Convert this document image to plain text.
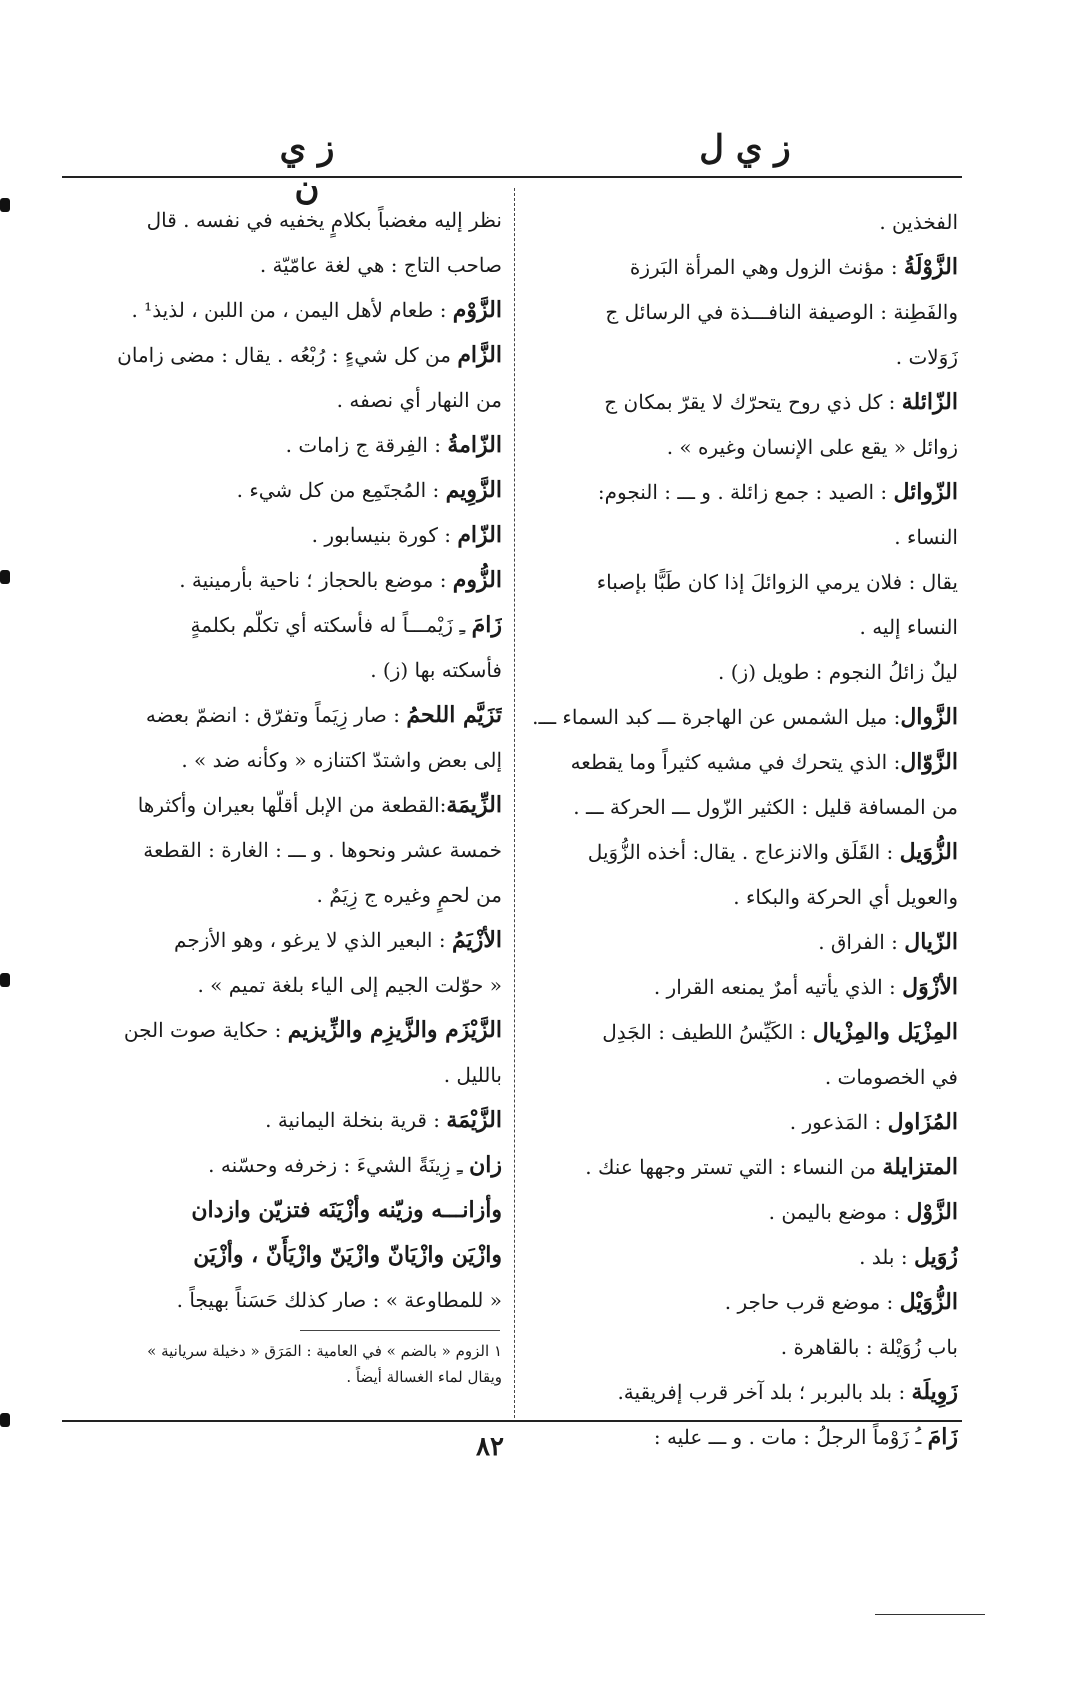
ز ي ل
ز ي ن
الفخذين .
الزَّوْلَةُ : مؤنث الزول وهي المرأة البَرزة
والفَطِنة : الوصيفة النافـــذة في الرسائل ج
زَوَلات .
الزّائلة : كل ذي روح يتحرّك لا يقرّ بمكان ج
زوائل « يقع على الإنسان وغيره » .
الزّوائل : الصيد : جمع زائلة . و ـــ : النجوم:
النساء .
يقال : فلان يرمي الزوائلَ إذا كان طَبًّا بإصباء
النساء إليه .
ليلٌ زائلُ النجوم : طويل (ز) .
الزَّوال: ميل الشمس عن الهاجرة ـــ كبد السماء ـــ.
الزَّوّال: الذي يتحرك في مشيه كثيراً وما يقطعه
من المسافة قليل : الكثير الزّول ـــ الحركة ـــ .
الزُّوَيل : القَلَق والانزعاج . يقال: أخذه الزُّوَيل
والعويل أي الحركة والبكاء .
الزّيال : الفراق .
الأزْوَل : الذي يأتيه أمرٌ يمنعه القرار .
المِزْيَل والمِزْيال : الكَيِّسُ اللطيف : الجَدِل
في الخصومات .
المُزَاول : المَذعور .
المتزايلة من النساء : التي تستر وجهها عنك .
الزَّوْل : موضع باليمن .
زُوَيل : بلد .
الزُّوَيْل : موضع قرب حاجر .
باب زُوَيْلة : بالقاهرة .
زَوِيلَة : بلد بالبربر ؛ بلد آخر قرب إفريقية.
زَامَ ـُ زَوْماً الرجلُ : مات . و ـــ عليه :
نظر إليه مغضباً بكلامٍ يخفيه في نفسه . قال
صاحب التاج : هي لغة عامّيّة .
الزَّوْم : طعام لأهل اليمن ، من اللبن ، لذيذ¹ .
الزَّام من كل شيءٍ : رُبْعُه . يقال : مضى زامان
من النهار أي نصفه .
الزّامةُ : الفِرقة ج زامات .
الزَّوِيم : المُجتَمِع من كل شيء .
الزّام : كورة بنيسابور .
الزُّوم : موضع بالحجاز ؛ ناحية بأرمينية .
زَامَ ـِ زَيْمـــاً له فأسكته أي تكلّم بكلمةٍ
فأسكته بها (ز) .
تَزَيَّم اللحمُ : صار زِيَماً وتفرّق : انضمّ بعضه
إلى بعض واشتدّ اكتنازه « وكأنه ضد » .
الزِّيمَة:القطعة من الإبل أقلّها بعيران وأكثرها
خمسة عشر ونحوها . و ـــ : الغارة : القطعة
من لحمٍ وغيره ج زِيَمٌ .
الأزْيَمُ : البعير الذي لا يرغو ، وهو الأزجم
« حوّلت الجيم إلى الياء بلغة تميم » .
الزَّيْزَم والزَّيزِم والزِّيزيم : حكاية صوت الجن
بالليل .
الزَّيْمَة : قرية بنخلة اليمانية .
زان ـِ زِينَةً الشيءَ : زخرفه وحسّنه .
وأزانـــه وزيّنه وأزْيَنَه فتزيّن وازدان
وازْيَن وازْيَانّ وازْيَنّ وازْيَأَنّ ، وأزْيَن
« للمطاوعة » : صار كذلك حَسَناً بهيجاً .
١ الزوم « بالضم » في العامية : المَرَق « دخيلة سريانية »
ويقال لماء الغسالة أيضاً .
٨٢
